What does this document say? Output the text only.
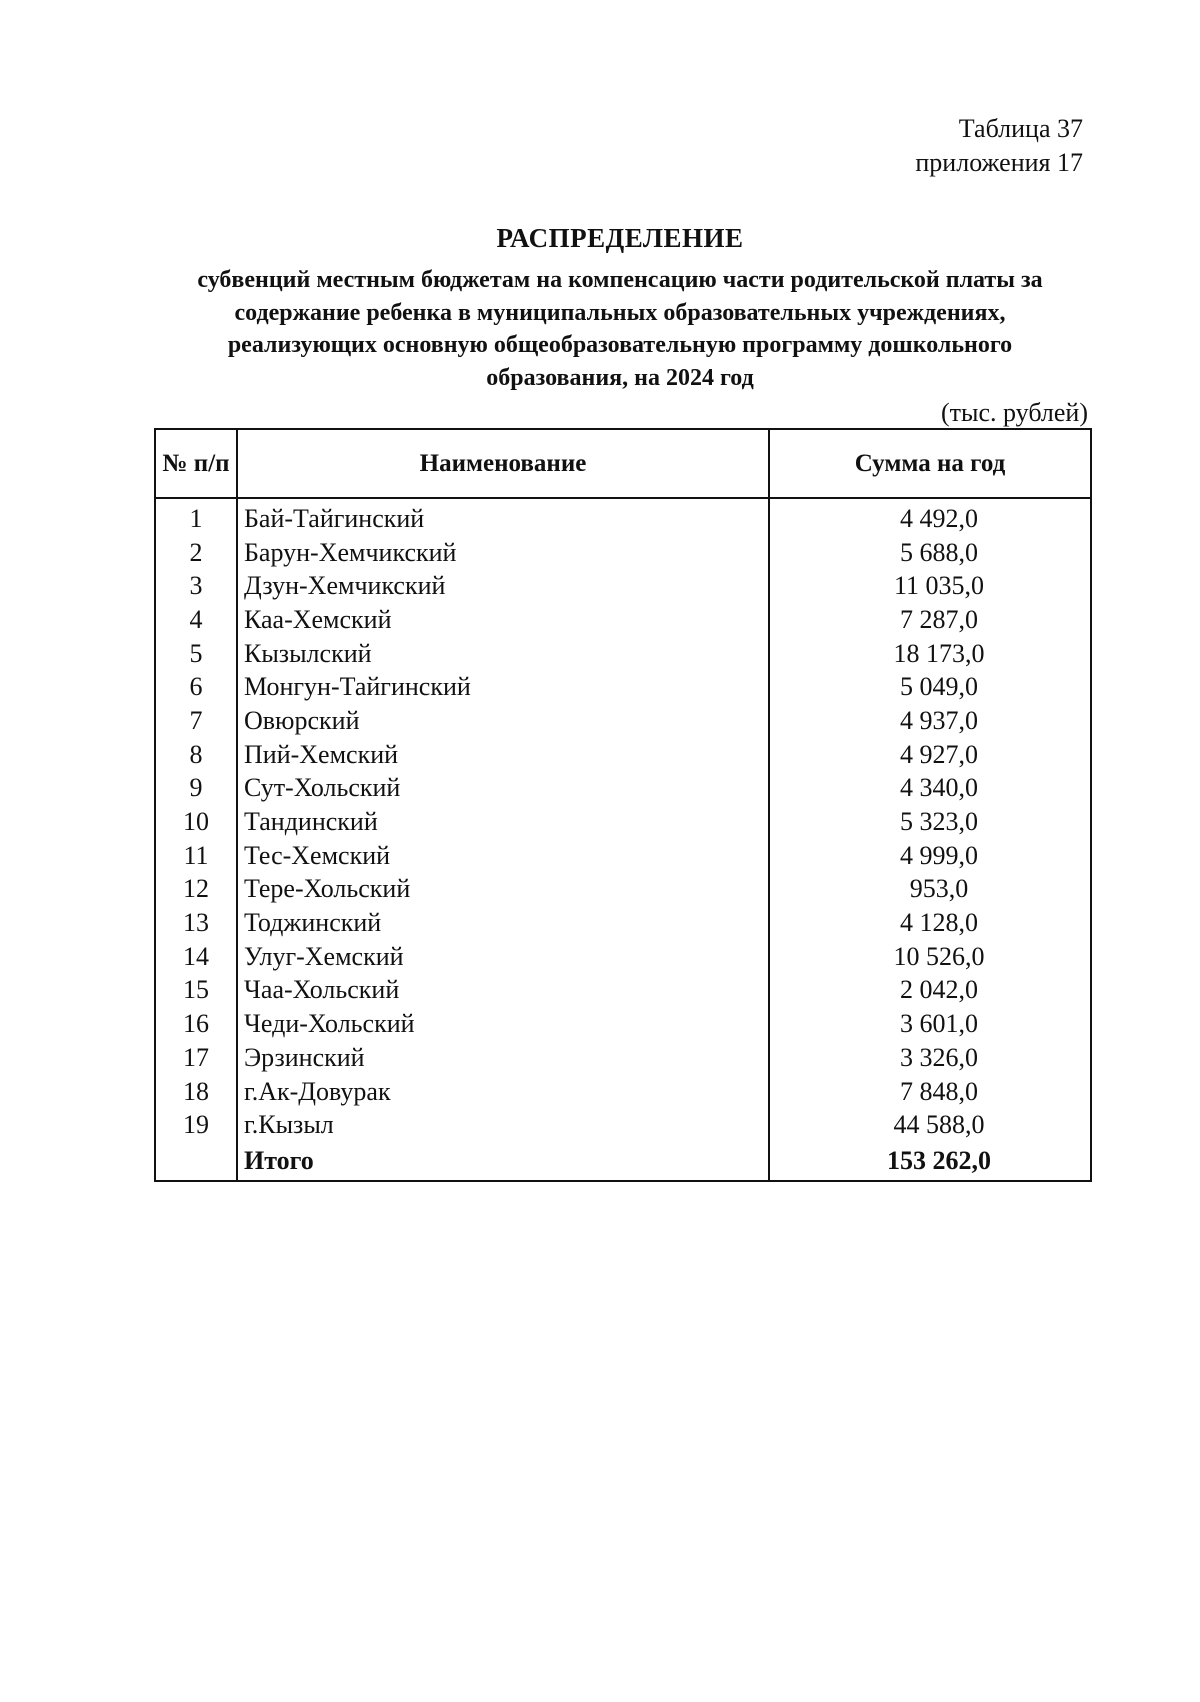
Таблица 37
приложения 17
РАСПРЕДЕЛЕНИЕ
субвенций местным бюджетам на компенсацию части родительской платы за
содержание ребенка в муниципальных образовательных учреждениях,
реализующих основную общеобразовательную программу дошкольного
образования, на 2024 год
(тыс. рублей)
№ п/п	Наименование	Сумма на год
1	Бай-Тайгинский	4 492,0
2	Барун-Хемчикский	5 688,0
3	Дзун-Хемчикский	11 035,0
4	Каа-Хемский	7 287,0
5	Кызылский	18 173,0
6	Монгун-Тайгинский	5 049,0
7	Овюрский	4 937,0
8	Пий-Хемский	4 927,0
9	Сут-Хольский	4 340,0
10	Тандинский	5 323,0
11	Тес-Хемский	4 999,0
12	Тере-Хольский	953,0
13	Тоджинский	4 128,0
14	Улуг-Хемский	10 526,0
15	Чаа-Хольский	2 042,0
16	Чеди-Хольский	3 601,0
17	Эрзинский	3 326,0
18	г.Ак-Довурак	7 848,0
19	г.Кызыл	44 588,0
	Итого	153 262,0
